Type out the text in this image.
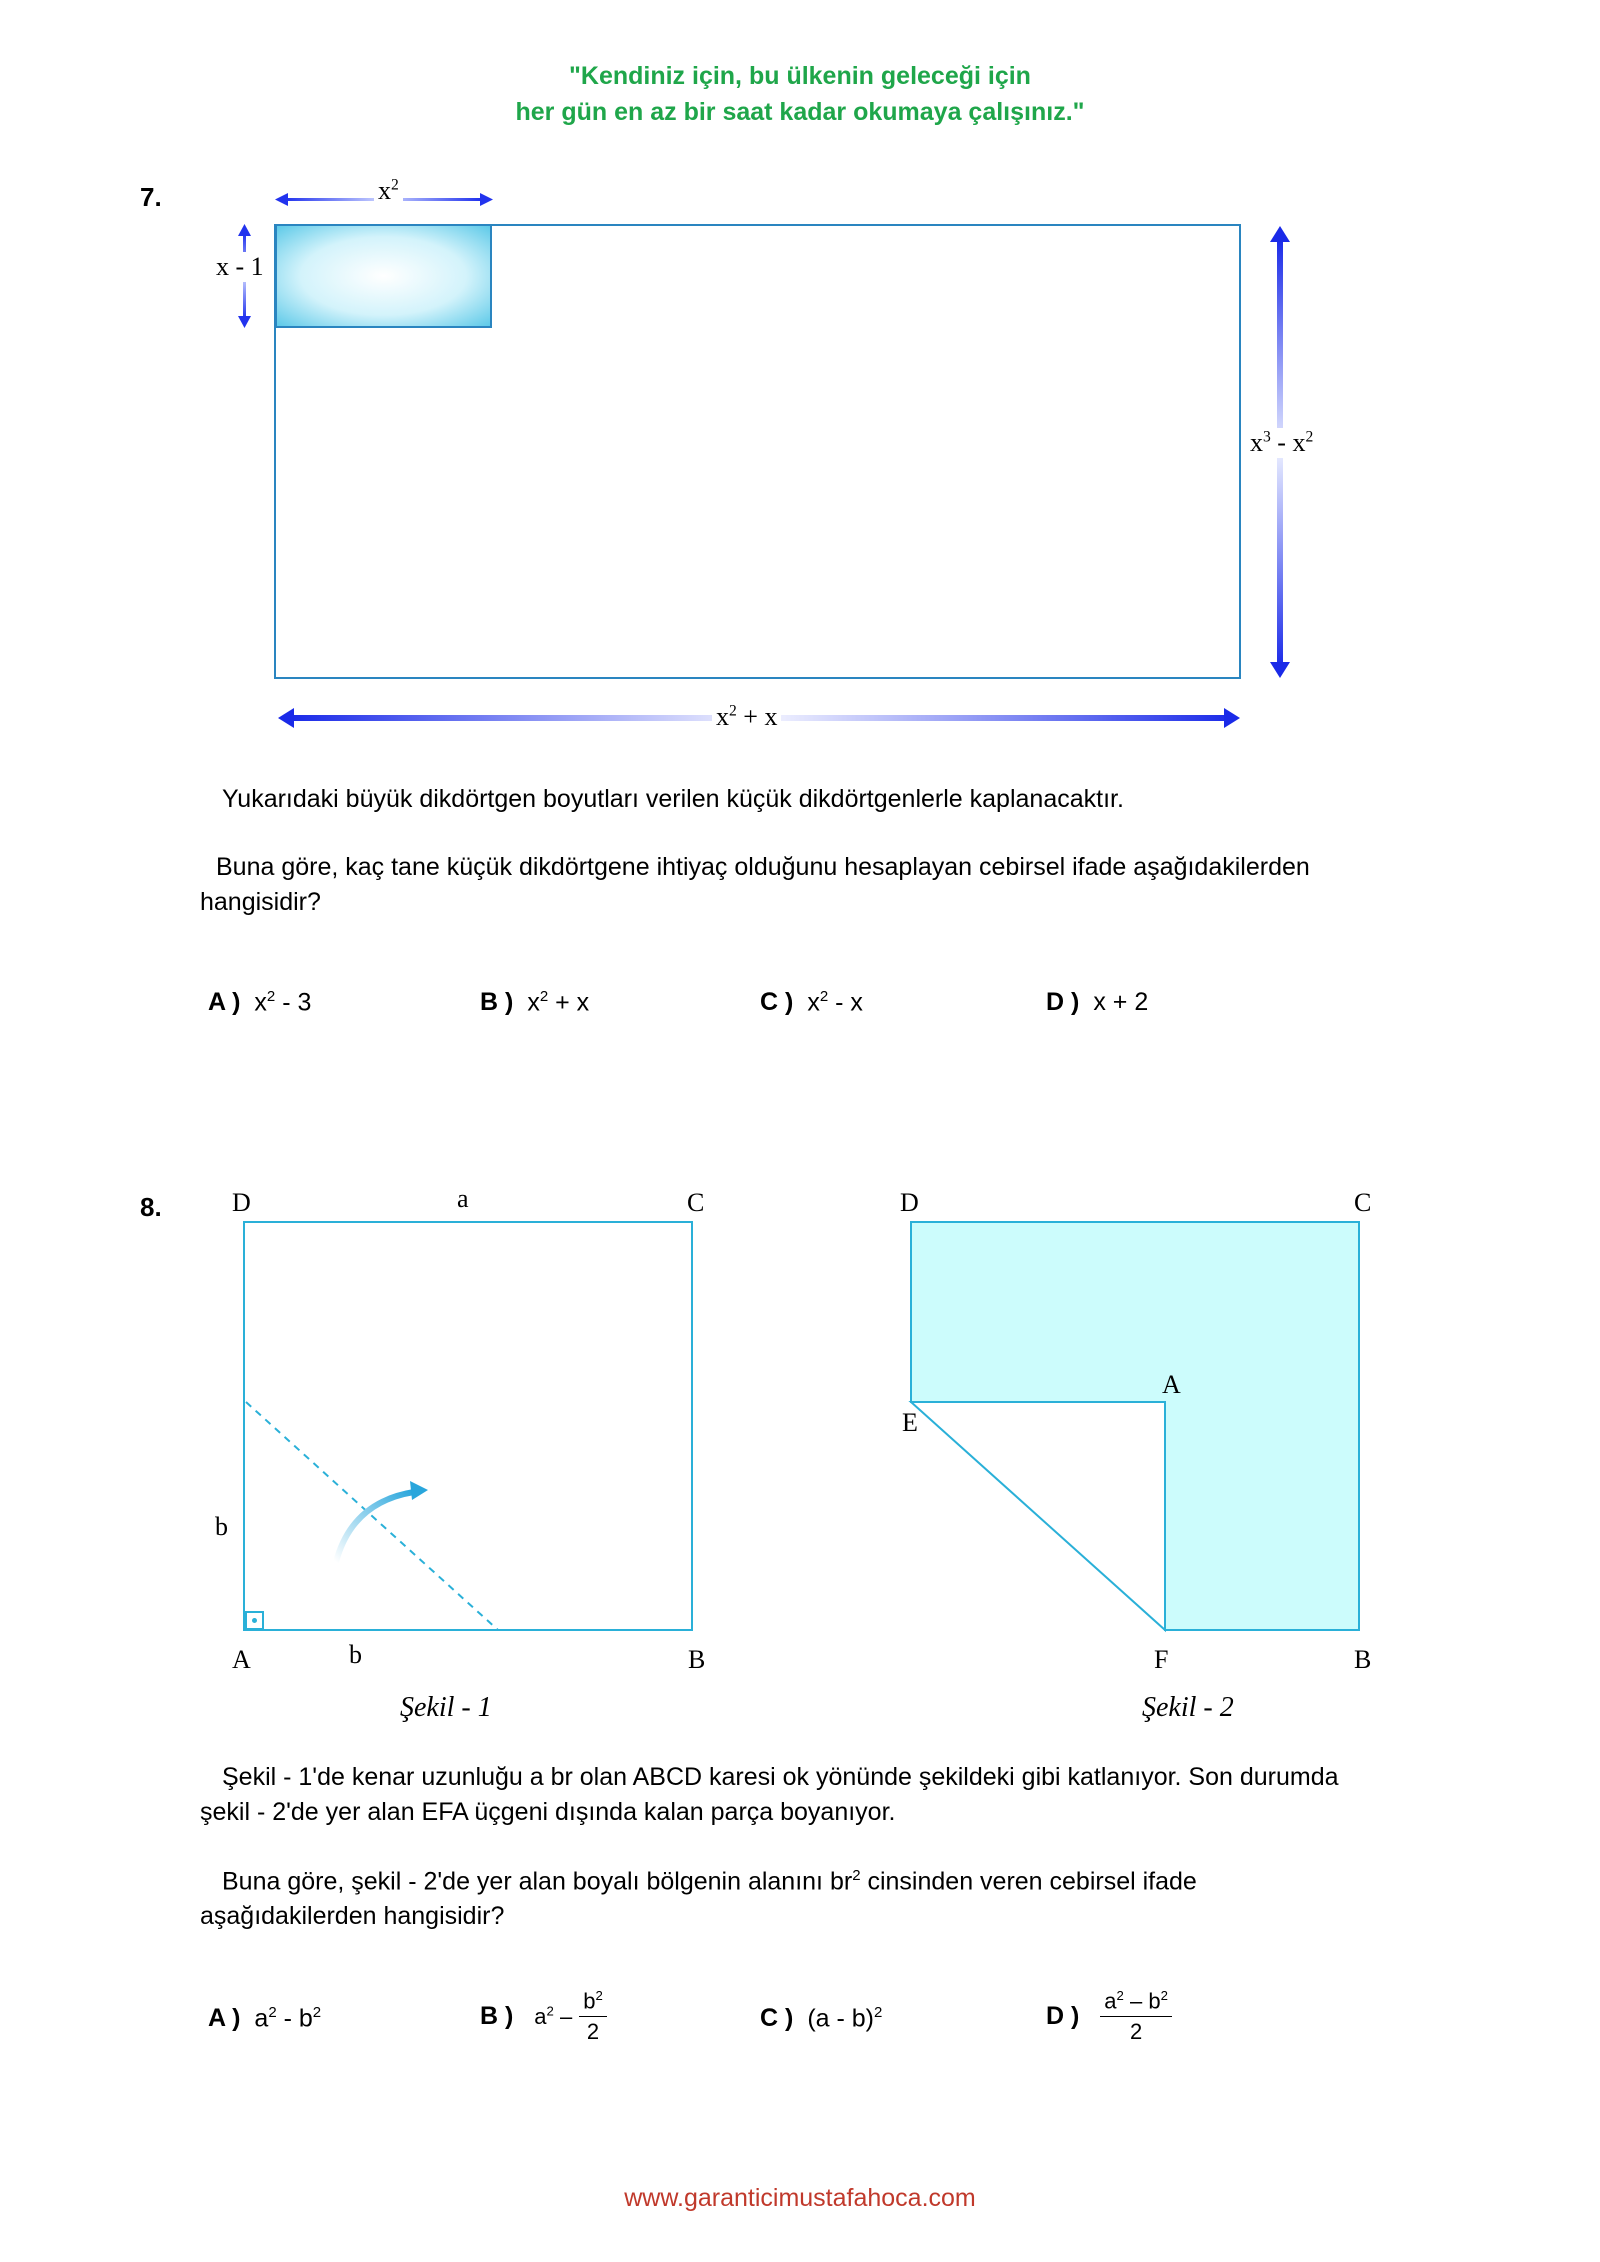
"Kendiniz için, bu ülkenin geleceği için
her gün en az bir saat kadar okumaya çalışınız."
7.	$x^2$
x - 1
$x^3 - x^2$
$x^2 + x$
Yukarıdaki büyük dikdörtgen boyutları verilen küçük dikdörtgenlerle kaplanacaktır.
Buna göre, kaç tane küçük dikdörtgene ihtiyaç olduğunu hesaplayan cebirsel ifade aşağıdakilerden hangisidir?
A ) $x^2 - 3$	B ) $x^2 + x$	C ) $x^2$ - x	D ) x + 2
8.	D	a	C
b
A	b	B
Şekil - 1
D	C
A
E
F	B
Şekil - 2
Şekil - 1'de kenar uzunluğu a br olan ABCD karesi ok yönünde şekildeki gibi katlanıyor. Son durumda şekil - 2'de yer alan EFA üçgeni dışında kalan parça boyanıyor.
Buna göre, şekil - 2'de yer alan boyalı bölgenin alanını $br^2$ cinsinden veren cebirsel ifade aşağıdakilerden hangisidir?
A ) $a^2 - b^2$	B ) $a^2 - \frac{b^2}{2}$	C ) (a - b)$^2$	D ) $\frac{a^2 - b^2}{2}$
www.garanticimustafahoca.com
